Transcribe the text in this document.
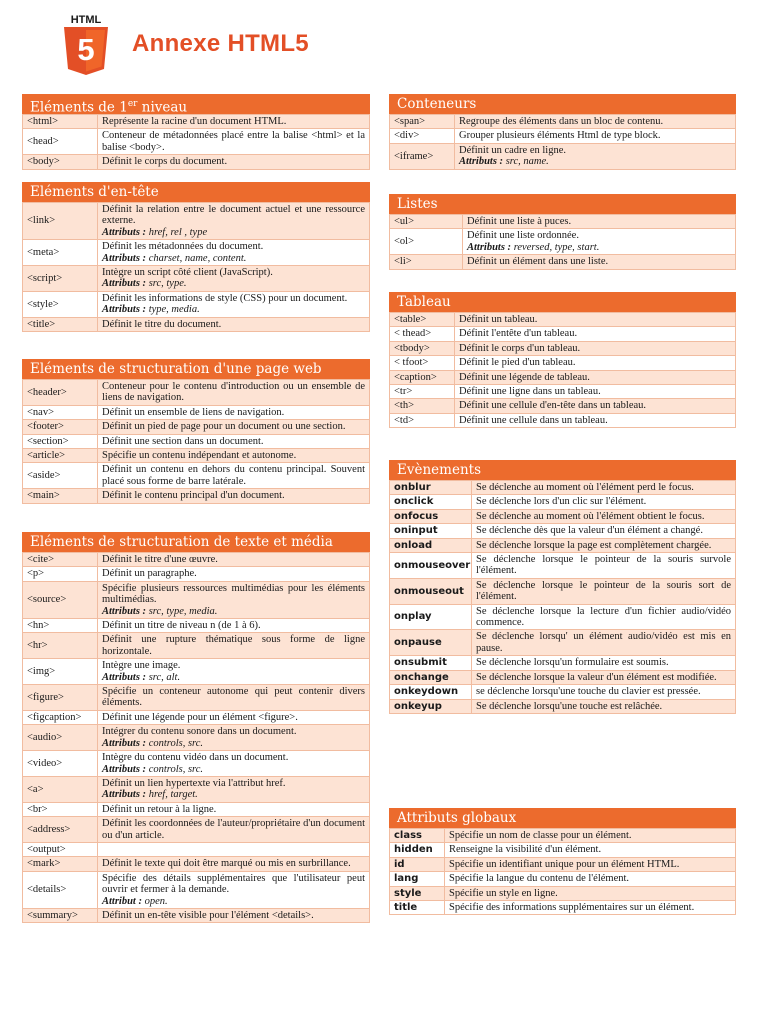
HTML
5 Annexe HTML5
Eléments de 1er niveau
<html>	Représente la racine d'un document HTML.
<head>	Conteneur de métadonnées placé entre la balise <html> et la balise <body>.
<body>	Définit le corps du document.
Eléments d'en-tête
<link>	Définit la relation entre le document actuel et une ressource externe.
Attributs : href, rel , type
<meta>	Définit les métadonnées du document.
Attributs : charset, name, content.
<script>	Intègre un script côté client (JavaScript).
Attributs : src, type.
<style>	Définit les informations de style (CSS) pour un document.
Attributs : type, media.
<title>	Définit le titre du document.
Eléments de structuration d'une page web
<header>	Conteneur pour le contenu d'introduction ou un ensemble de liens de navigation.
<nav>	Définit un ensemble de liens de navigation.
<footer>	Définit un pied de page pour un document ou une section.
<section>	Définit une section dans un document.
<article>	Spécifie un contenu indépendant et autonome.
<aside>	Définit un contenu en dehors du contenu principal. Souvent placé sous forme de barre latérale.
<main>	Définit le contenu principal d'un document.
Eléments de structuration de texte et média
<cite>	Définit le titre d'une œuvre.
<p>	Définit un paragraphe.
<source>	Spécifie plusieurs ressources multimédias pour les éléments multimédias.
Attributs : src, type, media.
<hn>	Définit un titre de niveau n (de 1 à 6).
<hr>	Définit une rupture thématique sous forme de ligne horizontale.
<img>	Intègre une image.
Attributs : src, alt.
<figure>	Spécifie un conteneur autonome qui peut contenir divers éléments.
<figcaption>	Définit une légende pour un élément <figure>.
<audio>	Intégrer du contenu sonore dans un document.
Attributs : controls, src.
<video>	Intègre du contenu vidéo dans un document.
Attributs : controls, src.
<a>	Définit un lien hypertexte via l'attribut href.
Attributs : href, target.
<br>	Définit un retour à la ligne.
<address>	Définit les coordonnées de l'auteur/propriétaire d'un document ou d'un article.
<output>	
<mark>	Définit le texte qui doit être marqué ou mis en surbrillance.
<details>	Spécifie des détails supplémentaires que l'utilisateur peut ouvrir et fermer à la demande.
Attribut : open.
<summary>	Définit un en-tête visible pour l'élément <details>.
Conteneurs
<span>	Regroupe des éléments dans un bloc de contenu.
<div>	Grouper plusieurs éléments Html de type block.
<iframe>	Définit un cadre en ligne.
Attributs : src, name.
Listes
<ul>	Définit une liste à puces.
<ol>	Définit une liste ordonnée.
Attributs : reversed, type, start.
<li>	Définit un élément dans une liste.
Tableau
<table>	Définit un tableau.
< thead>	Définit l'entête d'un tableau.
<tbody>	Définit le corps d'un tableau.
< tfoot>	Définit le pied d'un tableau.
<caption>	Définit une légende de tableau.
<tr>	Définit une ligne dans un tableau.
<th>	Définit une cellule d'en-tête dans un tableau.
<td>	Définit une cellule dans un tableau.
Evènements
onblur	Se déclenche au moment où l'élément perd le focus.
onclick	Se déclenche lors d'un clic sur l'élément.
onfocus	Se déclenche au moment où l'élément obtient le focus.
oninput	Se déclenche dès que la valeur d'un élément a changé.
onload	Se déclenche lorsque la page est complètement chargée.
onmouseover	Se déclenche lorsque le pointeur de la souris survole l'élément.
onmouseout	Se déclenche lorsque le pointeur de la souris sort de l'élément.
onplay	Se déclenche lorsque la lecture d'un fichier audio/vidéo commence.
onpause	Se déclenche lorsqu' un élément audio/vidéo est mis en pause.
onsubmit	Se déclenche lorsqu'un formulaire est soumis.
onchange	Se déclenche lorsque la valeur d'un élément est modifiée.
onkeydown	se déclenche lorsqu'une touche du clavier est pressée.
onkeyup	Se déclenche lorsqu'une touche est relâchée.
Attributs globaux
class	Spécifie un nom de classe pour un élément.
hidden	Renseigne la visibilité d'un élément.
id	Spécifie un identifiant unique pour un élément HTML.
lang	Spécifie la langue du contenu de l'élément.
style	Spécifie un style en ligne.
title	Spécifie des informations supplémentaires sur un élément.
